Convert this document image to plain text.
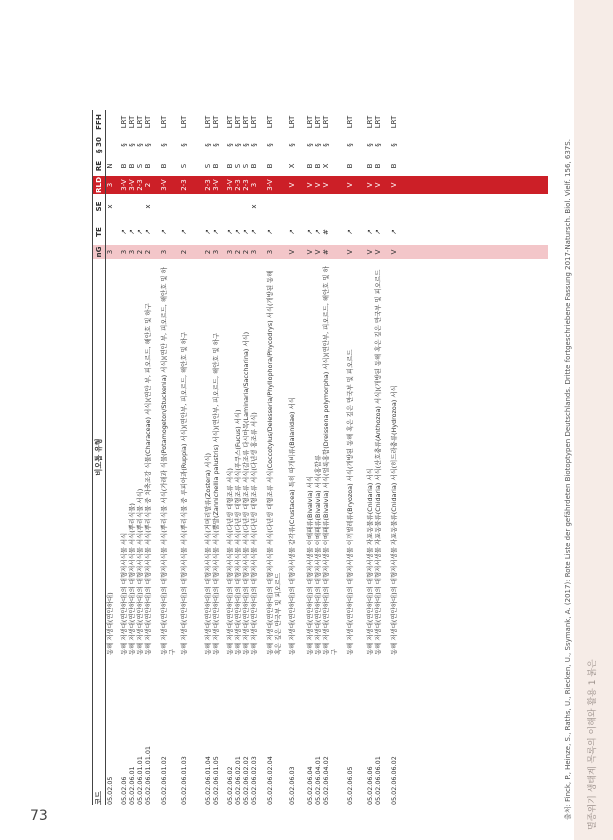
멸종위기 생태계 목록의 이해와 활용 1 붉은
코드
비오톱 유형
nG
TE
SE
RLD
RE
§ 30
FFH
05.02.05
동해 저생대(연안하대)
3
x
3
N
05.02.06
동해 저생대(연안하대)의 대형저서식물 서식
3
↗
3-V
B
§
LRT
05.02.06.01
동해 저생대(연안하대)의 대형저서식물 서식(뿌리식물)
3
↗
3-V
B
§
LRT
05.02.06.01.01
동해 저생대(연안하대)의 대형저서식물 서식(뿌리식물 서식)
2
↗
2-3
S
§
LRT
05.02.06.01.01.01
동해 저생대(연안하대)의 대형저서식물 서식(뿌리식물 중 차축조강 식물(Characeae) 서식)(연안 부, 피오르드, 해안호 및 하구
2
↗
x
2
B
§
LRT
05.02.06.01.02
동해 저생대(연안하대)의 대형저서식물 서식(뿌리식물 서식(가래과 식물(Potamogeton/Stuckenia) 서식)(연안 부, 피오르드, 해안호 및 하구
3
↗
3-V
B
§
LRT
05.02.06.01.03
동해 저생대(연안하대)의 대형저서식물 서식(뿌리식물 중 루피아과(Ruppia) 서식)(연안부, 피오르드, 해안호 및 하구
2
↗
2-3
S
§
LRT
05.02.06.01.04
동해 저생대(연안하대)의 대형저서식물 서식(거머리말류(Zostera) 서식)
2
↗
2-3
S
§
LRT
05.02.06.01.05
동해 저생대(연안하대)의 대형저서식물 서식(뿔말(Zannichellia palustris) 서식)(연안부, 피오르드, 해안호 및 하구
3
↗
3-V
B
§
LRT
05.02.06.02
동해 저생대(연안하대)의 대형저서식물 서식(다년생 대형조류 서식)
3
↗
3-V
B
§
LRT
05.02.06.02.01
동해 저생대(연안하대)의 대형저서식물 서식(다년생 대형조류 서식(푸쿠스(Fucus) 서식)
2
↗
2-3
S
§
LRT
05.02.06.02.02
동해 저생대(연안하대)의 대형저서식물 서식(다년생 대형조류 서식(갈조류 다시마목(Laminaria/Saccharina) 서식)
2
↗
2-3
S
§
LRT
05.02.06.02.03
동해 저생대(연안하대)의 대형저서식물 서식(다년생 대형조류 서식(다년생 홍조류 서식)
3
↗
x
3
B
§
LRT
05.02.06.02.04
동해 저생대(연안하대)의 대형저서식물 서식(다년생 대형조류 서식(Coccotylus/Delesseria/Phyllophora/Phycodrys) 서식(개방된 동해 혹은 깊은 만국부 및 피오르드
3
↗
3-V
B
§
LRT
05.02.06.03
동해 저생대(연안하대)의 대형저서생물 갑각류(Crustacea) 특히 따개비류(Balanidae) 서식
V
↗
V
X
§
LRT
05.02.06.04
동해 저생대(연안하대)의 대형저서생물 이매패류(Bivalvia) 서식
V
↗
V
B
§
LRT
05.02.06.04.01
동해 저생대(연안하대)의 대형저서생물 이매패류(Bivalvia) 서식(홍합류
V
↗
V
B
§
LRT
05.02.06.04.02
동해 저생대(연안하대)의 대형저서생물 이매패류(Bivalvia) 서식(얼룩홍합(Dreissena polymorpha) 서식)(연안부, 피오르드, 해안호 및 하구
#
#
V
X
§
LRT
05.02.06.05
동해 저생대(연안하대)의 대형저서생물 이끼벌레류(Bryozoa) 서식(개방된 동해 혹은 깊은 만국부 및 피오르드
V
↗
V
B
§
LRT
05.02.06.06
동해 저생대(연안하대)의 대형저서생물 자포동물류(Cnidaria) 서식
V
↗
V
B
§
LRT
05.02.06.06.01
동해 저생대(연안하대)의 대형저서생물 자포동물류(Cnidaria) 서식(산호충류(Anthozoa) 서식)(개방된 동해 혹은 깊은 만국부 및 피오르드
V
↗
V
B
§
LRT
05.02.06.06.02
동해 저생대(연안하대)의 대형저서생물 자포동물류(Cnidaria) 서식(히드라충류(Hydrozoa) 서식
V
↗
V
B
§
LRT
출처: Finck, P., Heinze, S., Raths, U., Riecken, U., Ssymank, A. (2017): Rote Liste der gefährdeten Biotoptypen Deutschlands. Dritte fortgeschriebene Fassung 2017-Natursch. Biol. Vielf. 156, 637S.
73
